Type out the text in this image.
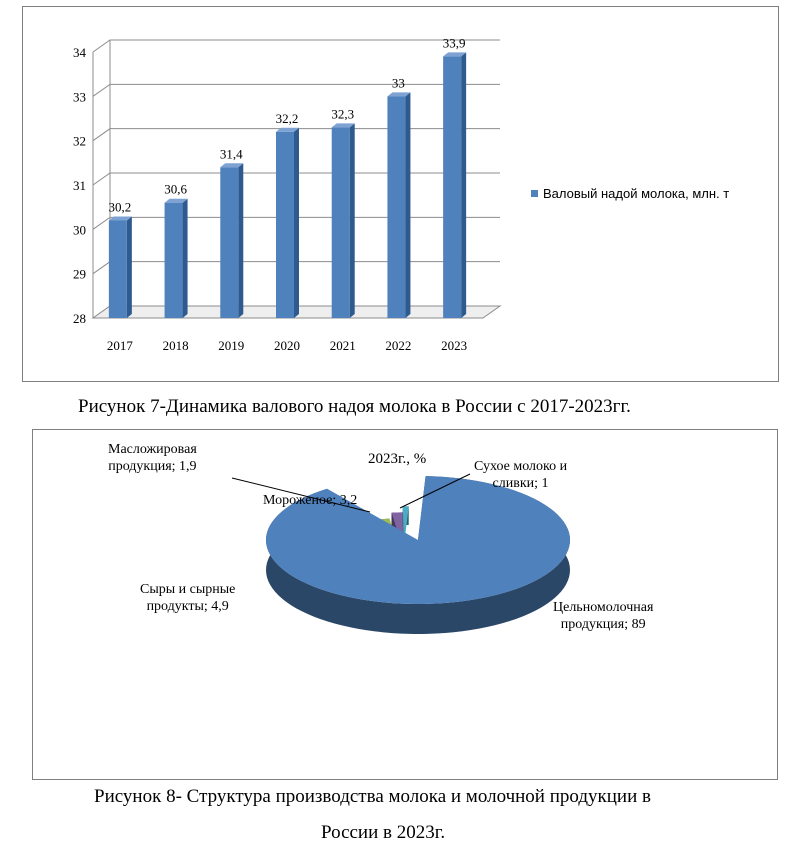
28
29
30
31
32
33
34
30,2
2017
30,6
2018
31,4
2019
32,2
2020
32,3
2021
33
2022
33,9
2023
Валовый надой молока, млн. т
Рисунок 7-Динамика валового надоя молока в России с 2017-2023гг.
2023г., %
Масложировая
продукция; 1,9	Сухое молоко и
сливки; 1
Мороженое; 3,2
Сыры и сырные
продукты; 4,9	Цельномолочная
продукция; 89
Рисунок 8- Структура производства молока и молочной продукции в
России в 2023г.
